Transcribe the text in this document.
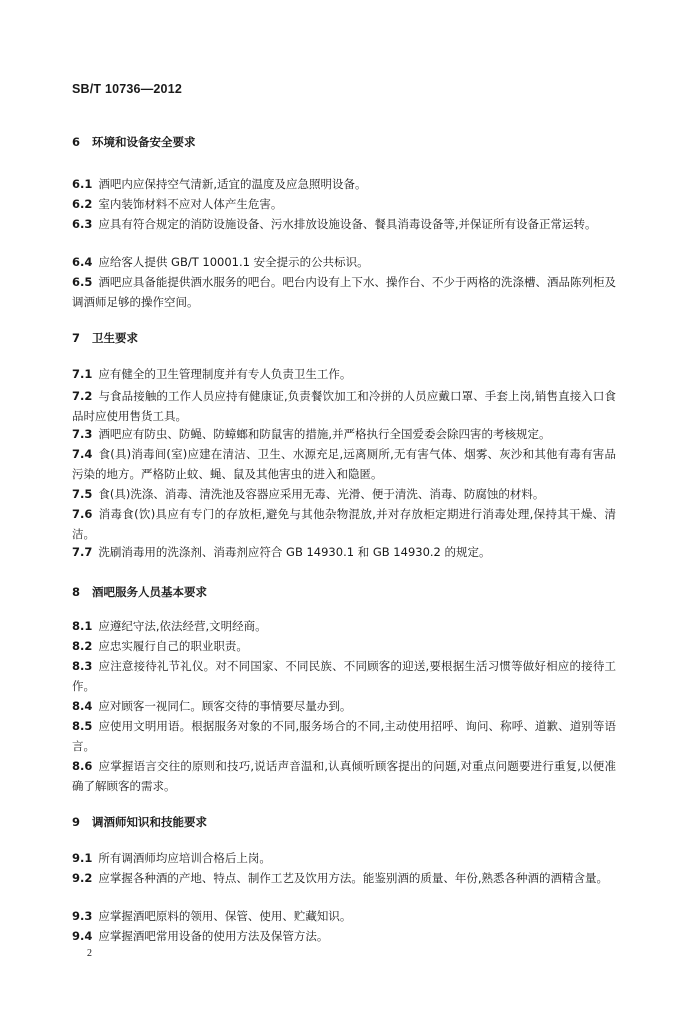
SB/T 10736—2012
6 环境和设备安全要求
6.1 酒吧内应保持空气清新,适宜的温度及应急照明设备。
6.2 室内装饰材料不应对人体产生危害。
6.3 应具有符合规定的消防设施设备、污水排放设施设备、餐具消毒设备等,并保证所有设备正常运转。
6.4 应给客人提供 GB/T 10001.1 安全提示的公共标识。
6.5 酒吧应具备能提供酒水服务的吧台。吧台内设有上下水、操作台、不少于两格的洗涤槽、酒品陈列柜及调酒师足够的操作空间。
7 卫生要求
7.1 应有健全的卫生管理制度并有专人负责卫生工作。
7.2 与食品接触的工作人员应持有健康证,负责餐饮加工和冷拼的人员应戴口罩、手套上岗,销售直接入口食品时应使用售货工具。
7.3 酒吧应有防虫、防蝇、防蟑螂和防鼠害的措施,并严格执行全国爱委会除四害的考核规定。
7.4 食(具)消毒间(室)应建在清洁、卫生、水源充足,远离厕所,无有害气体、烟雾、灰沙和其他有毒有害品污染的地方。严格防止蚊、蝇、鼠及其他害虫的进入和隐匿。
7.5 食(具)洗涤、消毒、清洗池及容器应采用无毒、光滑、便于清洗、消毒、防腐蚀的材料。
7.6 消毒食(饮)具应有专门的存放柜,避免与其他杂物混放,并对存放柜定期进行消毒处理,保持其干燥、清洁。
7.7 洗刷消毒用的洗涤剂、消毒剂应符合 GB 14930.1 和 GB 14930.2 的规定。
8 酒吧服务人员基本要求
8.1 应遵纪守法,依法经营,文明经商。
8.2 应忠实履行自己的职业职责。
8.3 应注意接待礼节礼仪。对不同国家、不同民族、不同顾客的迎送,要根据生活习惯等做好相应的接待工作。
8.4 应对顾客一视同仁。顾客交待的事情要尽量办到。
8.5 应使用文明用语。根据服务对象的不同,服务场合的不同,主动使用招呼、询问、称呼、道歉、道别等语言。
8.6 应掌握语言交往的原则和技巧,说话声音温和,认真倾听顾客提出的问题,对重点问题要进行重复,以便准确了解顾客的需求。
9 调酒师知识和技能要求
9.1 所有调酒师均应培训合格后上岗。
9.2 应掌握各种酒的产地、特点、制作工艺及饮用方法。能鉴别酒的质量、年份,熟悉各种酒的酒精含量。
9.3 应掌握酒吧原料的领用、保管、使用、贮藏知识。
9.4 应掌握酒吧常用设备的使用方法及保管方法。
2
